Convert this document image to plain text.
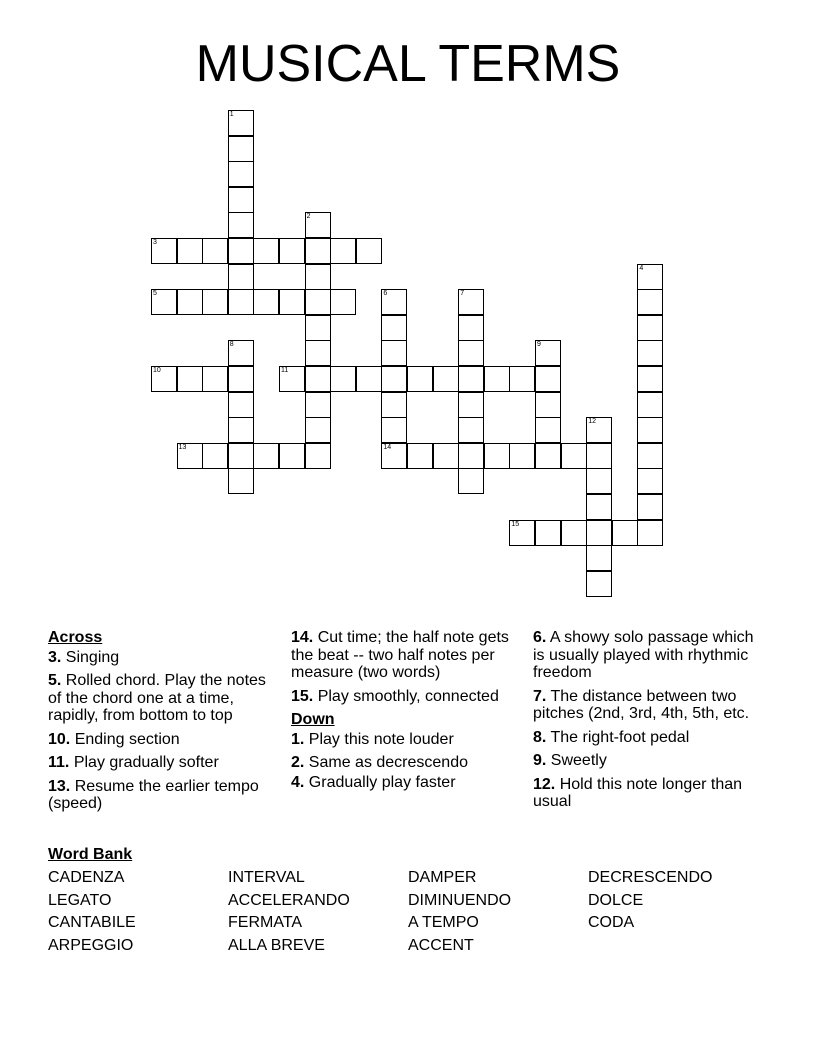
MUSICAL TERMS
1
2
3
4
5	6	7
8	9
10	11
12
13	14
15
Across
3. Singing
5. Rolled chord. Play the notes of the chord one at a time, rapidly, from bottom to top
10. Ending section
11. Play gradually softer
13. Resume the earlier tempo (speed)
14. Cut time; the half note gets the beat -- two half notes per measure (two words)
15. Play smoothly, connected
Down
1. Play this note louder
2. Same as decrescendo
4. Gradually play faster
6. A showy solo passage which is usually played with rhythmic freedom
7. The distance between two pitches (2nd, 3rd, 4th, 5th, etc.
8. The right-foot pedal
9. Sweetly
12. Hold this note longer than usual
Word Bank
CADENZA	INTERVAL	DAMPER	DECRESCENDO
LEGATO	ACCELERANDO	DIMINUENDO	DOLCE
CANTABILE	FERMATA	A TEMPO	CODA
ARPEGGIO	ALLA BREVE	ACCENT
